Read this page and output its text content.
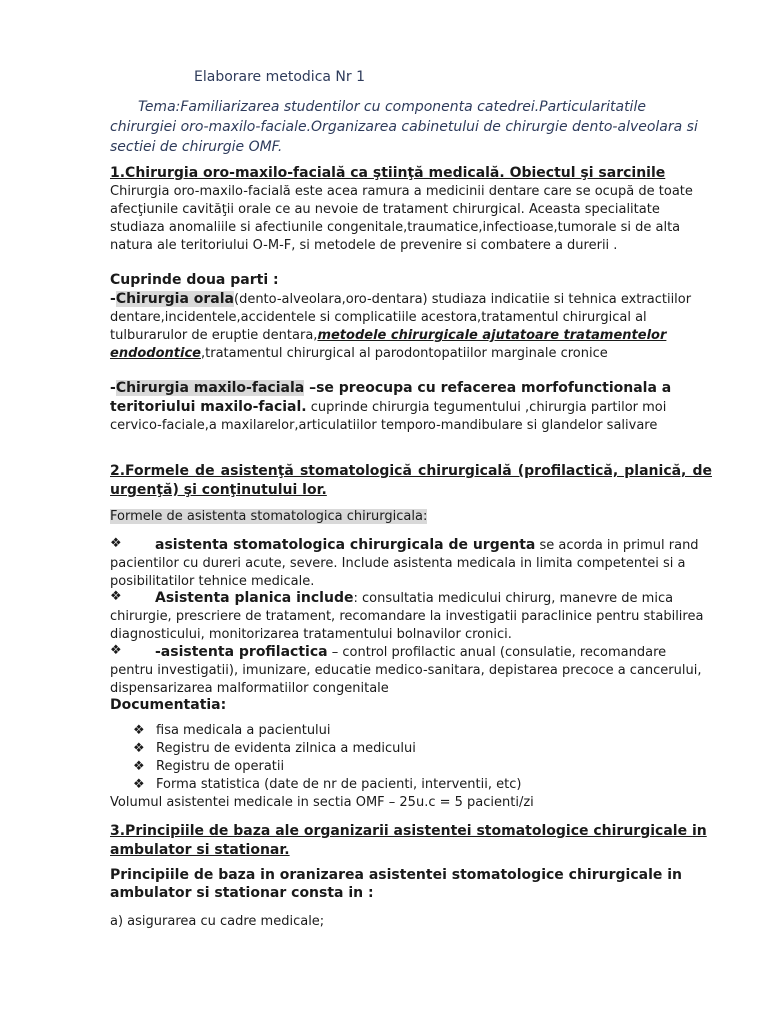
Elaborare metodica Nr 1

Tema:Familiarizarea studentilor cu componenta catedrei.Particularitatile chirurgiei oro-maxilo-faciale.Organizarea cabinetului de chirurgie dento-alveolara si sectiei de chirurgie OMF.

1.Chirurgia oro-maxilo-facială ca ştiinţă medicală. Obiectul şi sarcinile

Chirurgia oro-maxilo-facială este acea ramura a medicinii dentare care se ocupă de toate afecţiunile cavităţii orale ce au nevoie de tratament chirurgical. Aceasta specialitate studiaza anomaliile si afectiunile congenitale,traumatice,infectioase,tumorale si de alta natura ale teritoriului O-M-F, si metodele de prevenire si combatere a durerii .

Cuprinde doua parti :

-Chirurgia orala(dento-alveolara,oro-dentara) studiaza indicatiie si tehnica extractiilor dentare,incidentele,accidentele si complicatiile acestora,tratamentul chirurgical al tulburarulor de eruptie dentara,metodele chirurgicale ajutatoare tratamentelor endodontice,tratamentul chirurgical al parodontopatiilor marginale cronice

-Chirurgia maxilo-faciala –se preocupa cu refacerea morfofunctionala a teritoriului maxilo-facial. cuprinde chirurgia tegumentului ,chirurgia partilor moi cervico-faciale,a maxilarelor,articulatiilor temporo-mandibulare si glandelor salivare

2.Formele de asistenţă stomatologică chirurgicală (profilactică, planică, de urgenţă) şi conţinutului lor.
Formele de asistenta stomatologica chirurgicala:
❖	asistenta stomatologica chirurgicala de urgenta se acorda in primul rand pacientilor cu dureri acute, severe. Include asistenta medicala in limita competentei si a posibilitatilor tehnice medicale.

❖	Asistenta planica include: consultatia medicului chirurg, manevre de mica chirurgie, prescriere de tratament, recomandare la investigatii paraclinice pentru stabilirea diagnosticului, monitorizarea tratamentului bolnavilor cronici.

❖	-asistenta profilactica – control profilactic anual (consulatie, recomandare pentru investigatii), imunizare, educatie medico-sanitara, depistarea precoce a cancerului, dispensarizarea malformatiilor congenitale

Documentatia:
❖ fisa medicala a pacientului
❖ Registru de evidenta zilnica a medicului
❖ Registru de operatii
❖ Forma statistica (date de nr de pacienti, interventii, etc)
Volumul asistentei medicale in sectia OMF – 25u.c = 5 pacienti/zi
3.Principiile de baza ale organizarii asistentei stomatologice chirurgicale in ambulator si stationar.
Principiile de baza in oranizarea asistentei stomatologice chirurgicale in ambulator si stationar consta in :
a) asigurarea cu cadre medicale;
